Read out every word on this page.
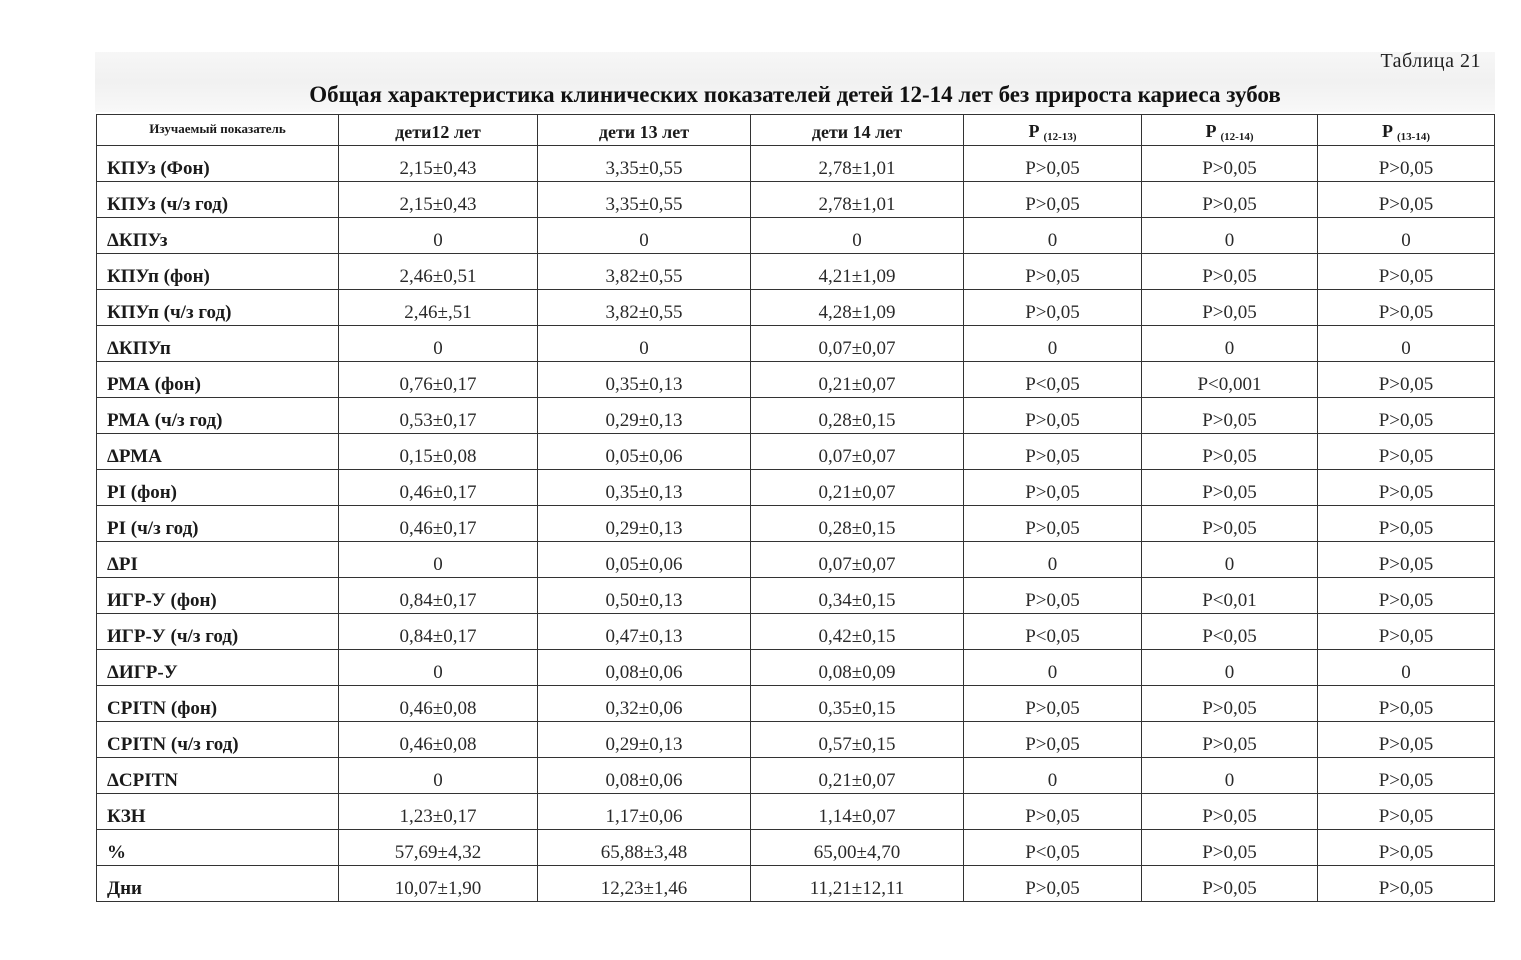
Таблица 21
Общая характеристика клинических показателей детей 12-14 лет без прироста кариеса зубов
Изучаемый показатель	дети12 лет	дети 13 лет	дети 14 лет	Р $_{(12-13)}$	Р $_{(12-14)}$	Р $_{(13-14)}$
КПУз (Фон)	2,15±0,43	3,35±0,55	2,78±1,01	Р>0,05	Р>0,05	Р>0,05
КПУз (ч/з год)	2,15±0,43	3,35±0,55	2,78±1,01	Р>0,05	Р>0,05	Р>0,05
ΔКПУз	0	0	0	0	0	0
КПУп (фон)	2,46±0,51	3,82±0,55	4,21±1,09	Р>0,05	Р>0,05	Р>0,05
КПУп (ч/з год)	2,46±,51	3,82±0,55	4,28±1,09	Р>0,05	Р>0,05	Р>0,05
ΔКПУп	0	0	0,07±0,07	0	0	0
РМА (фон)	0,76±0,17	0,35±0,13	0,21±0,07	Р<0,05	Р<0,001	Р>0,05
РМА (ч/з год)	0,53±0,17	0,29±0,13	0,28±0,15	Р>0,05	Р>0,05	Р>0,05
ΔРМА	0,15±0,08	0,05±0,06	0,07±0,07	Р>0,05	Р>0,05	Р>0,05
PI (фон)	0,46±0,17	0,35±0,13	0,21±0,07	Р>0,05	Р>0,05	Р>0,05
PI (ч/з год)	0,46±0,17	0,29±0,13	0,28±0,15	Р>0,05	Р>0,05	Р>0,05
ΔPI	0	0,05±0,06	0,07±0,07	0	0	Р>0,05
ИГР-У (фон)	0,84±0,17	0,50±0,13	0,34±0,15	Р>0,05	Р<0,01	Р>0,05
ИГР-У (ч/з год)	0,84±0,17	0,47±0,13	0,42±0,15	Р<0,05	Р<0,05	Р>0,05
ΔИГР-У	0	0,08±0,06	0,08±0,09	0	0	0
CPITN (фон)	0,46±0,08	0,32±0,06	0,35±0,15	Р>0,05	Р>0,05	Р>0,05
CPITN (ч/з год)	0,46±0,08	0,29±0,13	0,57±0,15	Р>0,05	Р>0,05	Р>0,05
ΔCPITN	0	0,08±0,06	0,21±0,07	0	0	Р>0,05
КЗН	1,23±0,17	1,17±0,06	1,14±0,07	Р>0,05	Р>0,05	Р>0,05
%	57,69±4,32	65,88±3,48	65,00±4,70	Р<0,05	Р>0,05	Р>0,05
Дни	10,07±1,90	12,23±1,46	11,21±12,11	Р>0,05	Р>0,05	Р>0,05
